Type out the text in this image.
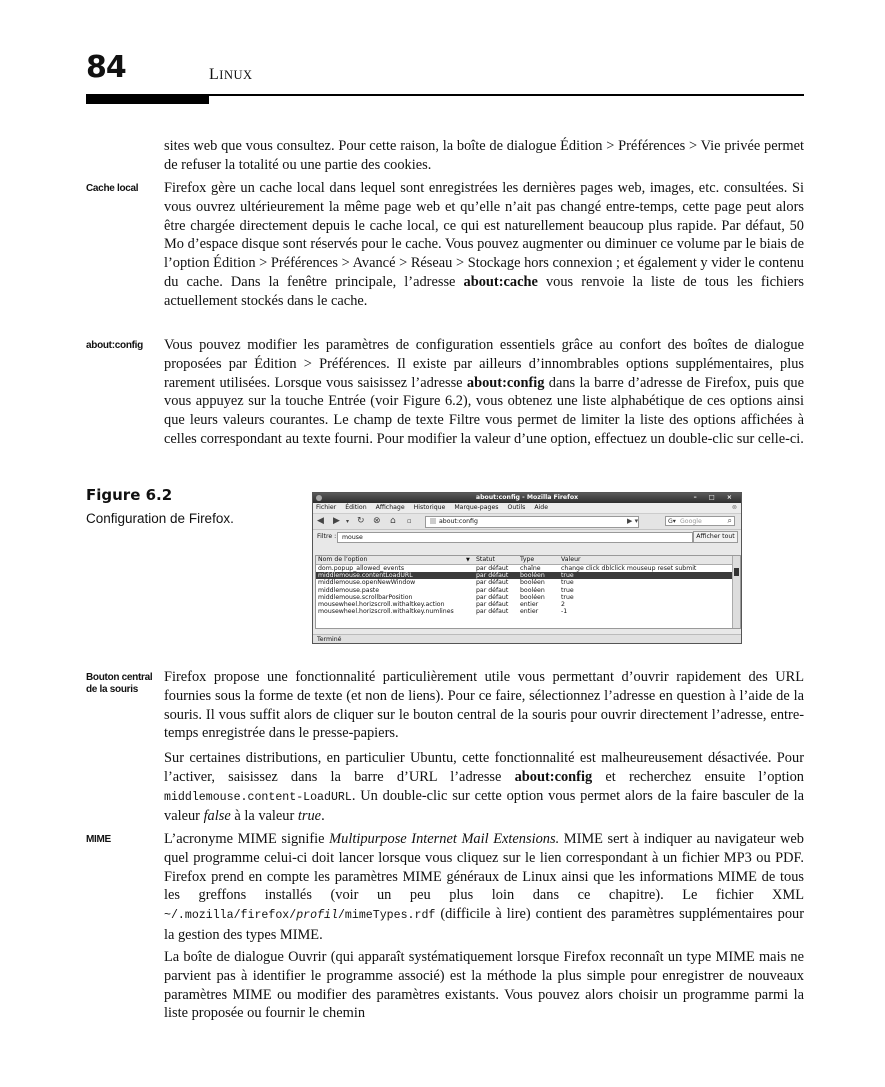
84	LINUX
sites web que vous consultez. Pour cette raison, la boîte de dialogue Édition > Préférences > Vie privée permet de refuser la totalité ou une partie des cookies.
Cache local	Firefox gère un cache local dans lequel sont enregistrées les dernières pages web, images, etc. consultées. Si vous ouvrez ultérieurement la même page web et qu’elle n’ait pas changé entre-temps, cette page peut alors être chargée directement depuis le cache local, ce qui est naturellement beaucoup plus rapide. Par défaut, 50 Mo d’espace disque sont réservés pour le cache. Vous pouvez augmenter ou diminuer ce volume par le biais de l’option Édition > Préférences > Avancé > Réseau > Stockage hors connexion ; et également y vider le contenu du cache. Dans la fenêtre principale, l’adresse about:cache vous renvoie la liste de tous les fichiers actuellement stockés dans le cache.
about:config	Vous pouvez modifier les paramètres de configuration essentiels grâce au confort des boîtes de dialogue proposées par Édition > Préférences. Il existe par ailleurs d’innombrables options supplémentaires, plus rarement utilisées. Lorsque vous saisissez l’adresse about:config dans la barre d’adresse de Firefox, puis que vous appuyez sur la touche Entrée (voir Figure 6.2), vous obtenez une liste alphabétique de ces options ainsi que leurs valeurs courantes. Le champ de texte Filtre vous permet de limiter la liste des options affichées à celles correspondant au texte fourni. Pour modifier la valeur d’une option, effectuez un double-clic sur celle-ci.
Figure 6.2
Configuration de Firefox.
about:config - Mozilla Firefox	– □ ×
Fichier Édition Affichage Historique Marque-pages Outils Aide	⊗
◀ ▶ ▾ ↻ ⊗ ⌂ ▫	about:config	▶ ▾	G▾ Google	⌕
Filtre : mouse	Afficher tout
Nom de l’option	▼ Statut	Type	Valeur
dom.popup_allowed_events	par défaut	chaîne	change click dblclick mouseup reset submit
middlemouse.contentLoadURL	par défaut	booléen	true
middlemouse.openNewWindow	par défaut	booléen	true
middlemouse.paste	par défaut	booléen	true
middlemouse.scrollbarPosition	par défaut	booléen	true
mousewheel.horizscroll.withaltkey.action	par défaut	entier	2
mousewheel.horizscroll.withaltkey.numlines	par défaut	entier	-1
Terminé
Bouton central de la souris
Firefox propose une fonctionnalité particulièrement utile vous permettant d’ouvrir rapidement des URL fournies sous la forme de texte (et non de liens). Pour ce faire, sélectionnez l’adresse en question à l’aide de la souris. Il vous suffit alors de cliquer sur le bouton central de la souris pour ouvrir directement l’adresse, entre-temps enregistrée dans le presse-papiers.
Sur certaines distributions, en particulier Ubuntu, cette fonctionnalité est malheureusement désactivée. Pour l’activer, saisissez dans la barre d’URL l’adresse about:config et recherchez ensuite l’option middlemouse.content-LoadURL. Un double-clic sur cette option vous permet alors de la faire basculer de la valeur false à la valeur true.
MIME	L’acronyme MIME signifie Multipurpose Internet Mail Extensions. MIME sert à indiquer au navigateur web quel programme celui-ci doit lancer lorsque vous cliquez sur le lien correspondant à un fichier MP3 ou PDF. Firefox prend en compte les paramètres MIME généraux de Linux ainsi que les informations MIME de tous les greffons installés (voir un peu plus loin dans ce chapitre). Le fichier XML ~/.mozilla/firefox/profil/mimeTypes.rdf (difficile à lire) contient des paramètres supplémentaires pour la gestion des types MIME.
La boîte de dialogue Ouvrir (qui apparaît systématiquement lorsque Firefox reconnaît un type MIME mais ne parvient pas à identifier le programme associé) est la méthode la plus simple pour enregistrer de nouveaux paramètres MIME ou modifier des paramètres existants. Vous pouvez alors choisir un programme parmi la liste proposée ou fournir le chemin
